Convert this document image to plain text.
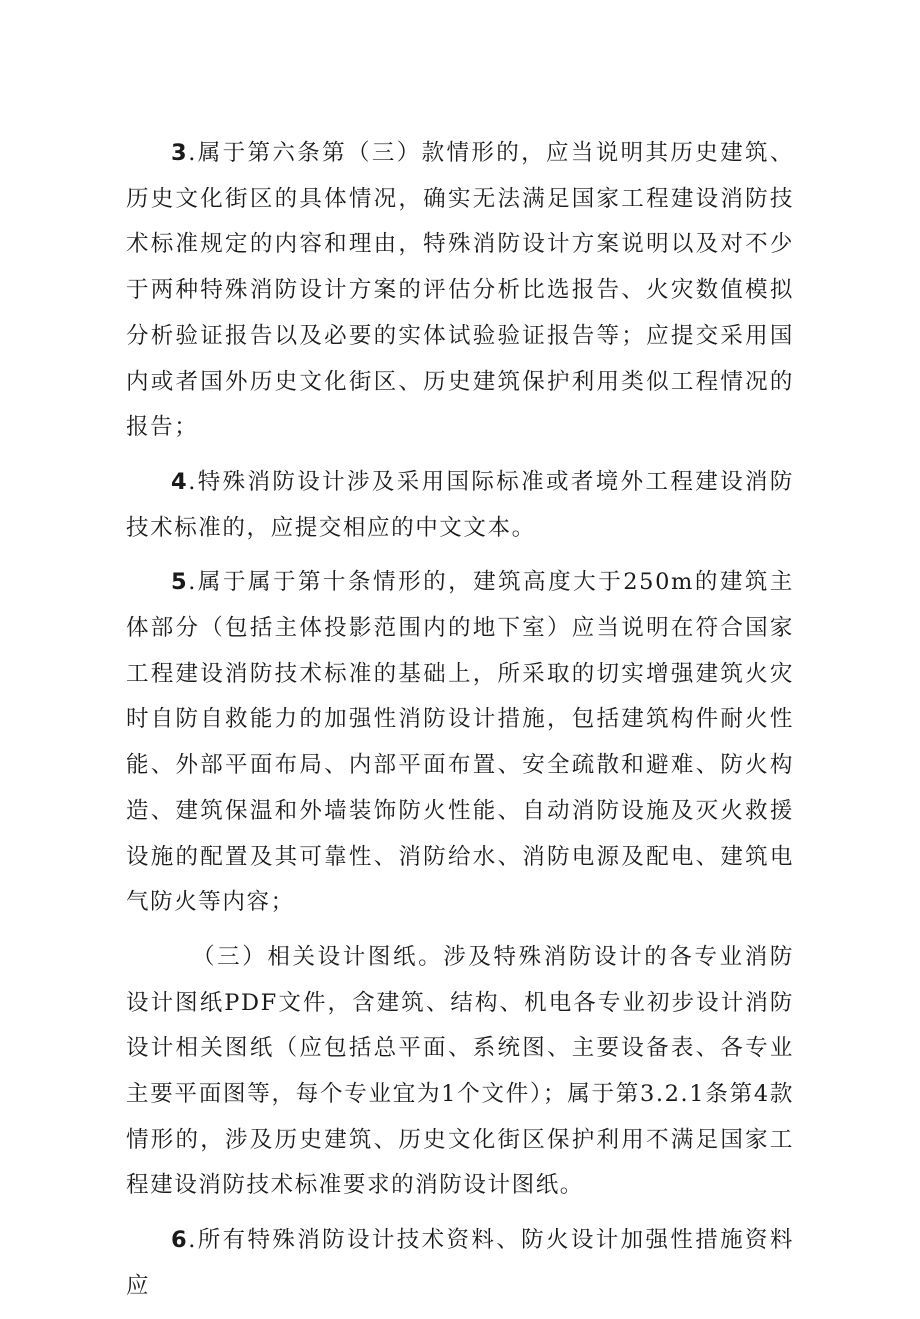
3.属于第六条第（三）款情形的，应当说明其历史建筑、历史文化街区的具体情况，确实无法满足国家工程建设消防技术标准规定的内容和理由，特殊消防设计方案说明以及对不少于两种特殊消防设计方案的评估分析比选报告、火灾数值模拟分析验证报告以及必要的实体试验验证报告等；应提交采用国内或者国外历史文化街区、历史建筑保护利用类似工程情况的报告；

4.特殊消防设计涉及采用国际标准或者境外工程建设消防技术标准的，应提交相应的中文文本。

5.属于属于第十条情形的，建筑高度大于250m的建筑主体部分（包括主体投影范围内的地下室）应当说明在符合国家工程建设消防技术标准的基础上，所采取的切实增强建筑火灾时自防自救能力的加强性消防设计措施，包括建筑构件耐火性能、外部平面布局、内部平面布置、安全疏散和避难、防火构造、建筑保温和外墙装饰防火性能、自动消防设施及灭火救援设施的配置及其可靠性、消防给水、消防电源及配电、建筑电气防火等内容；

（三）相关设计图纸。涉及特殊消防设计的各专业消防设计图纸PDF文件，含建筑、结构、机电各专业初步设计消防设计相关图纸（应包括总平面、系统图、主要设备表、各专业主要平面图等，每个专业宜为1个文件）；属于第3.2.1条第4款情形的，涉及历史建筑、历史文化街区保护利用不满足国家工程建设消防技术标准要求的消防设计图纸。

6.所有特殊消防设计技术资料、防火设计加强性措施资料应
